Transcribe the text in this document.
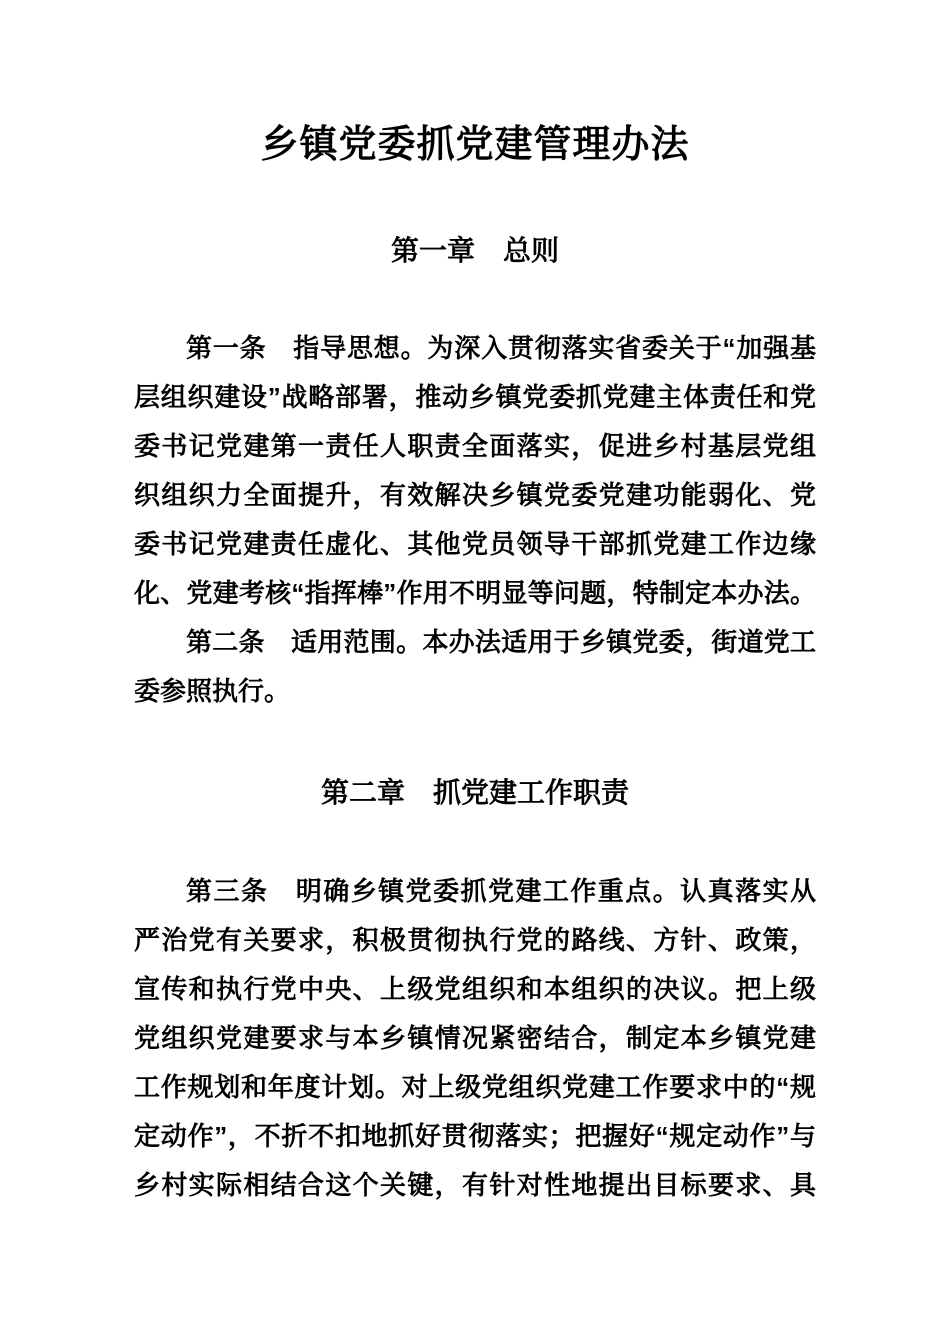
乡镇党委抓党建管理办法
第一章　总则

第一条　指导思想。为深入贯彻落实省委关于“加强基
层组织建设”战略部署，推动乡镇党委抓党建主体责任和党
委书记党建第一责任人职责全面落实，促进乡村基层党组
织组织力全面提升，有效解决乡镇党委党建功能弱化、党
委书记党建责任虚化、其他党员领导干部抓党建工作边缘
化、党建考核“指挥棒”作用不明显等问题，特制定本办法。

第二条　适用范围。本办法适用于乡镇党委，街道党工
委参照执行。

第二章　抓党建工作职责

第三条　明确乡镇党委抓党建工作重点。认真落实从
严治党有关要求，积极贯彻执行党的路线、方针、政策，
宣传和执行党中央、上级党组织和本组织的决议。把上级
党组织党建要求与本乡镇情况紧密结合，制定本乡镇党建
工作规划和年度计划。对上级党组织党建工作要求中的“规
定动作”，不折不扣地抓好贯彻落实；把握好“规定动作”与
乡村实际相结合这个关键，有针对性地提出目标要求、具
